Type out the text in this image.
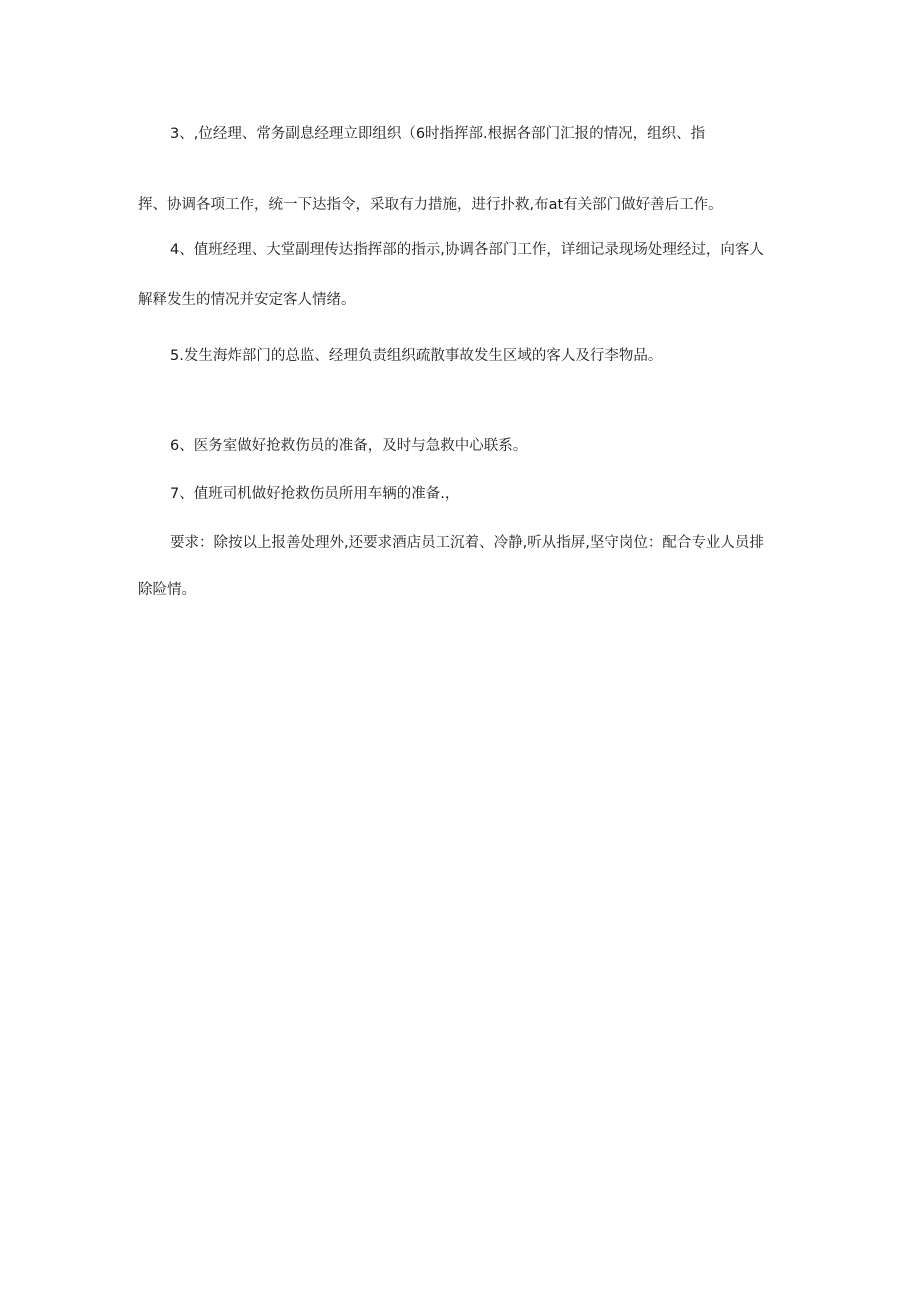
3、,位经理、常务副息经理立即组织（6时指挥部.根据各部门汇报的情况，组织、指
挥、协调各项工作，统一下达指令，采取有力措施，进行扑救,布at有关部门做好善后工作。
4、值班经理、大堂副理传达指挥部的指示,协调各部门工作，详细记录现场处理经过，向客人
解释发生的情况并安定客人情绪。
5.发生海炸部门的总监、经理负责组织疏散事故发生区域的客人及行李物品。
6、医务室做好抢救伤员的准备，及时与急救中心联系。
7、值班司机做好抢救伤员所用车辆的准备.，
要求：除按以上报善处理外,还要求酒店员工沉着、冷静,听从指屏,坚守岗位：配合专业人员排
除险情。
